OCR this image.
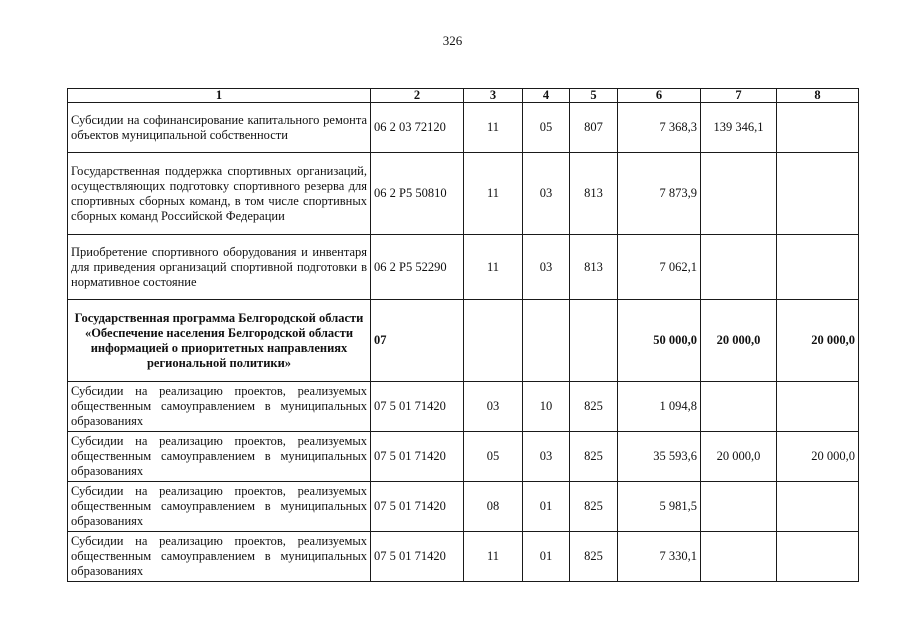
326
1	2	3	4	5	6	7	8
Субсидии на софинансирование капитального ремонта объектов муниципальной собственности	06 2 03 72120	11	05	807	7 368,3	139 346,1	
Государственная поддержка спортивных организаций, осуществляющих подготовку спортивного резерва для спортивных сборных команд, в том числе спортивных сборных команд Российской Федерации	06 2 P5 50810	11	03	813	7 873,9		
Приобретение спортивного оборудования и инвентаря для приведения организаций спортивной подготовки в нормативное состояние	06 2 P5 52290	11	03	813	7 062,1		
Государственная программа Белгородской области «Обеспечение населения Белгородской области информацией о приоритетных направлениях региональной политики»	07				50 000,0	20 000,0	20 000,0
Субсидии на реализацию проектов, реализуемых общественным самоуправлением в муниципальных образованиях	07 5 01 71420	03	10	825	1 094,8		
Субсидии на реализацию проектов, реализуемых общественным самоуправлением в муниципальных образованиях	07 5 01 71420	05	03	825	35 593,6	20 000,0	20 000,0
Субсидии на реализацию проектов, реализуемых общественным самоуправлением в муниципальных образованиях	07 5 01 71420	08	01	825	5 981,5		
Субсидии на реализацию проектов, реализуемых общественным самоуправлением в муниципальных образованиях	07 5 01 71420	11	01	825	7 330,1		
